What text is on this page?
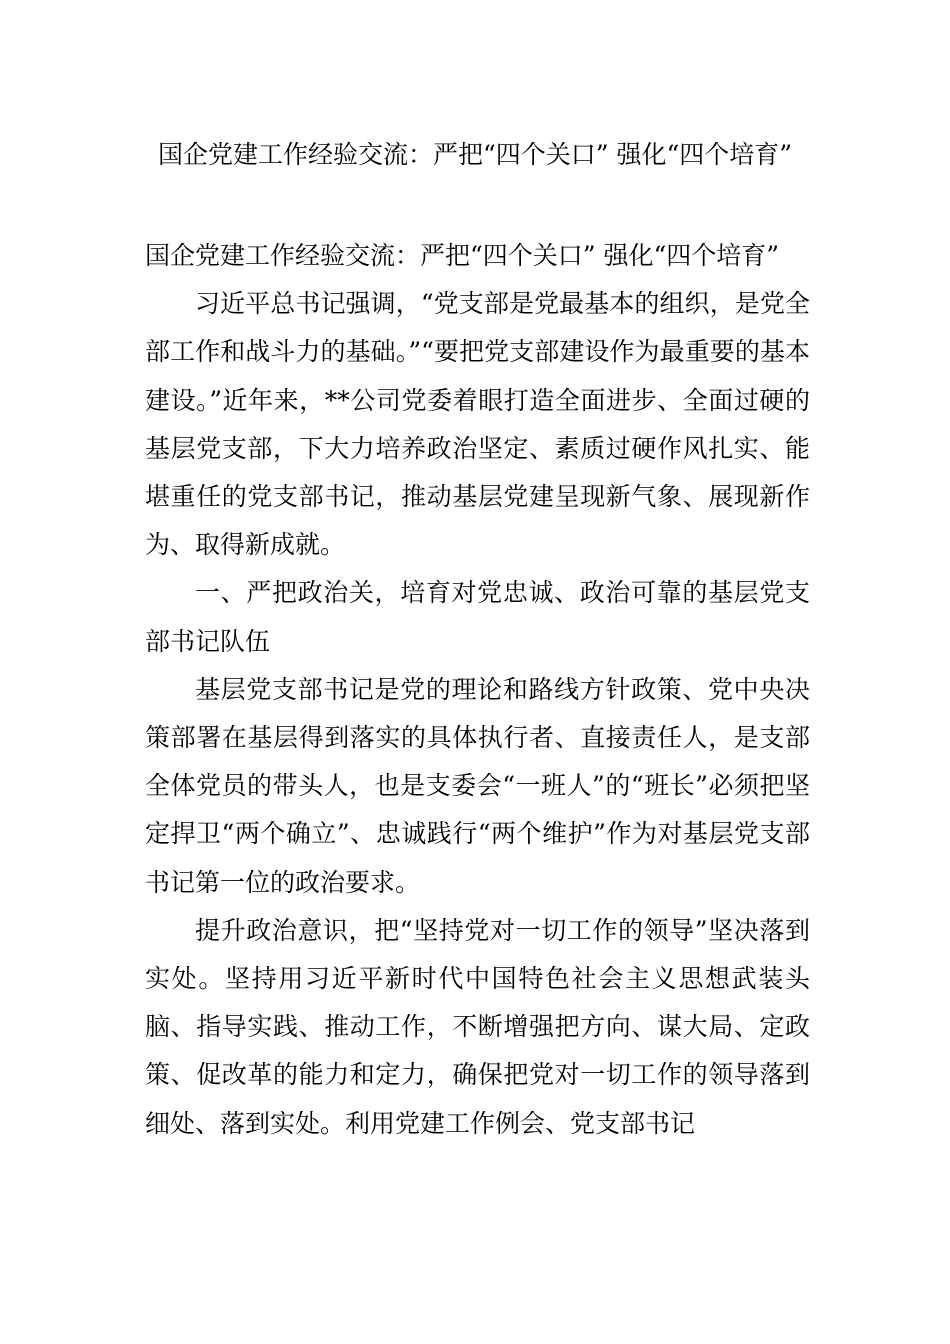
国企党建工作经验交流：严把“四个关口” 强化“四个培育”

国企党建工作经验交流：严把“四个关口” 强化“四个培育”

习近平总书记强调，“党支部是党最基本的组织，是党全部工作和战斗力的基础。”“要把党支部建设作为最重要的基本建设。”近年来，**公司党委着眼打造全面进步、全面过硬的基层党支部，下大力培养政治坚定、素质过硬作风扎实、能堪重任的党支部书记，推动基层党建呈现新气象、展现新作为、取得新成就。

一、严把政治关，培育对党忠诚、政治可靠的基层党支部书记队伍

基层党支部书记是党的理论和路线方针政策、党中央决策部署在基层得到落实的具体执行者、直接责任人，是支部全体党员的带头人，也是支委会“一班人”的“班长”必须把坚定捍卫“两个确立”、忠诚践行“两个维护”作为对基层党支部书记第一位的政治要求。

提升政治意识，把“坚持党对一切工作的领导”坚决落到实处。坚持用习近平新时代中国特色社会主义思想武装头脑、指导实践、推动工作，不断增强把方向、谋大局、定政策、促改革的能力和定力，确保把党对一切工作的领导落到细处、落到实处。利用党建工作例会、党支部书记
